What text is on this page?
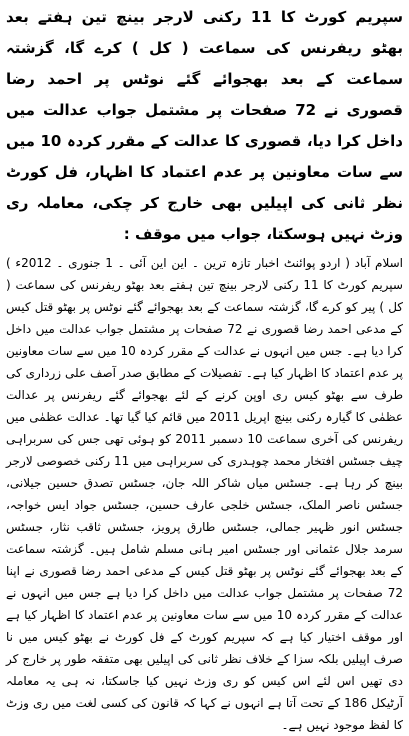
سپریم کورٹ کا 11 رکنی لارجر بینچ تین ہفتے بعد بھٹو ریفرنس کی سماعت ( کل ) کرے گا، گزشتہ سماعت کے بعد بھجوائے گئے نوٹس پر احمد رضا قصوری نے 72 صفحات پر مشتمل جواب عدالت میں داخل کرا دیا، قصوری کا عدالت کے مقرر کردہ 10 میں سے سات معاونین پر عدم اعتماد کا اظہار، فل کورٹ نظر ثانی کی اپیلیں بھی خارج کر چکی، معاملہ ری وزٹ نہیں ہوسکتا، جواب میں موقف :

اسلام آباد ( اردو پوائنٹ اخبار تازہ ترین ۔ این این آئی ۔ 1 جنوری ۔ 2012ء ) سپریم کورٹ کا 11 رکنی لارجر بینچ تین ہفتے بعد بھٹو ریفرنس کی سماعت ( کل ) پیر کو کرے گا، گزشتہ سماعت کے بعد بھجوائے گئے نوٹس پر بھٹو قتل کیس کے مدعی احمد رضا قصوری نے 72 صفحات پر مشتمل جواب عدالت میں داخل کرا دیا ہے۔ جس میں انہوں نے عدالت کے مقرر کردہ 10 میں سے سات معاونین پر عدم اعتماد کا اظہار کیا ہے۔ تفصیلات کے مطابق صدر آصف علی زرداری کی طرف سے بھٹو کیس ری اوپن کرنے کے لئے بھجوائے گئے ریفرنس پر عدالت عظمٰی کا گیارہ رکنی بینچ اپریل 2011 میں قائم کیا گیا تھا۔ عدالت عظمٰی میں ریفرنس کی آخری سماعت 10 دسمبر 2011 کو ہوئی تھی جس کی سربراہی چیف جسٹس افتخار محمد چوہدری کی سربراہی میں 11 رکنی خصوصی لارجر بینچ کر رہا ہے۔ جسٹس میاں شاکر اللہ جان، جسٹس تصدق حسین جیلانی، جسٹس ناصر الملک، جسٹس خلجی عارف حسین، جسٹس جواد ایس خواجہ، جسٹس انور ظہیر جمالی، جسٹس طارق پرویز، جسٹس ثاقب نثار، جسٹس سرمد جلال عثمانی اور جسٹس امیر ہانی مسلم شامل ہیں۔ گزشتہ سماعت کے بعد بھجوائے گئے نوٹس پر بھٹو قتل کیس کے مدعی احمد رضا قصوری نے اپنا 72 صفحات پر مشتمل جواب عدالت میں داخل کرا دیا ہے جس میں انہوں نے عدالت کے مقرر کردہ 10 میں سے سات معاونین پر عدم اعتماد کا اظہار کیا ہے اور موقف اختیار کیا ہے کہ سپریم کورٹ کے فل کورٹ نے بھٹو کیس میں نا صرف اپیلیں بلکہ سزا کے خلاف نظر ثانی کی اپیلیں بھی متفقہ طور پر خارج کر دی تھیں اس لئے اس کیس کو ری وزٹ نہیں کیا جاسکتا، نہ ہی یہ معاملہ آرٹیکل 186 کے تحت آتا ہے انہوں نے کہا کہ قانون کی کسی لغت میں ری وزٹ کا لفظ موجود نہیں ہے۔
